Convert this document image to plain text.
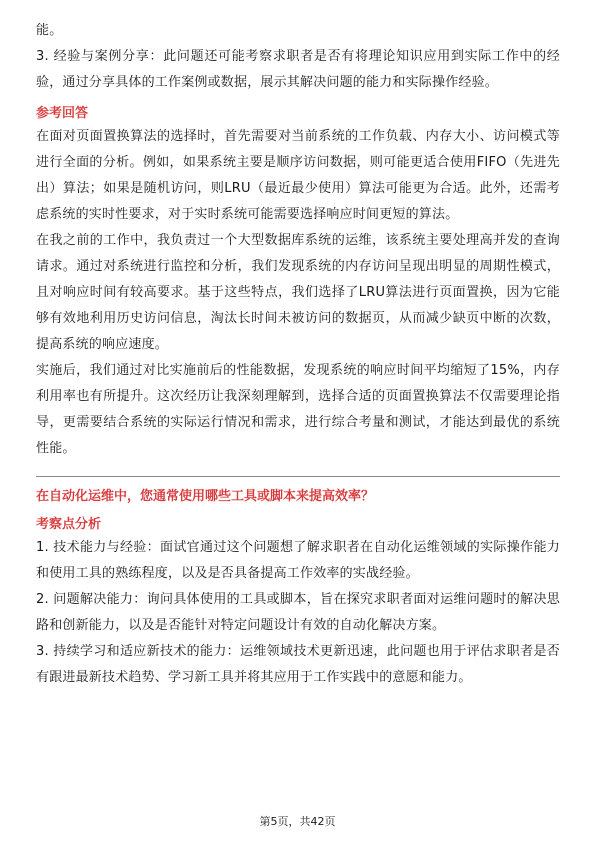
能。

3. 经验与案例分享：此问题还可能考察求职者是否有将理论知识应用到实际工作中的经验，通过分享具体的工作案例或数据，展示其解决问题的能力和实际操作经验。

参考回答

在面对页面置换算法的选择时，首先需要对当前系统的工作负载、内存大小、访问模式等进行全面的分析。例如，如果系统主要是顺序访问数据，则可能更适合使用FIFO（先进先出）算法；如果是随机访问，则LRU（最近最少使用）算法可能更为合适。此外，还需考虑系统的实时性要求，对于实时系统可能需要选择响应时间更短的算法。

在我之前的工作中，我负责过一个大型数据库系统的运维，该系统主要处理高并发的查询请求。通过对系统进行监控和分析，我们发现系统的内存访问呈现出明显的周期性模式，且对响应时间有较高要求。基于这些特点，我们选择了LRU算法进行页面置换，因为它能够有效地利用历史访问信息，淘汰长时间未被访问的数据页，从而减少缺页中断的次数，提高系统的响应速度。

实施后，我们通过对比实施前后的性能数据，发现系统的响应时间平均缩短了15%，内存利用率也有所提升。这次经历让我深刻理解到，选择合适的页面置换算法不仅需要理论指导，更需要结合系统的实际运行情况和需求，进行综合考量和测试，才能达到最优的系统性能。

在自动化运维中，您通常使用哪些工具或脚本来提高效率？

考察点分析

1. 技术能力与经验：面试官通过这个问题想了解求职者在自动化运维领域的实际操作能力和使用工具的熟练程度，以及是否具备提高工作效率的实战经验。

2. 问题解决能力：询问具体使用的工具或脚本，旨在探究求职者面对运维问题时的解决思路和创新能力，以及是否能针对特定问题设计有效的自动化解决方案。

3. 持续学习和适应新技术的能力：运维领域技术更新迅速，此问题也用于评估求职者是否有跟进最新技术趋势、学习新工具并将其应用于工作实践中的意愿和能力。

第5页，共42页
